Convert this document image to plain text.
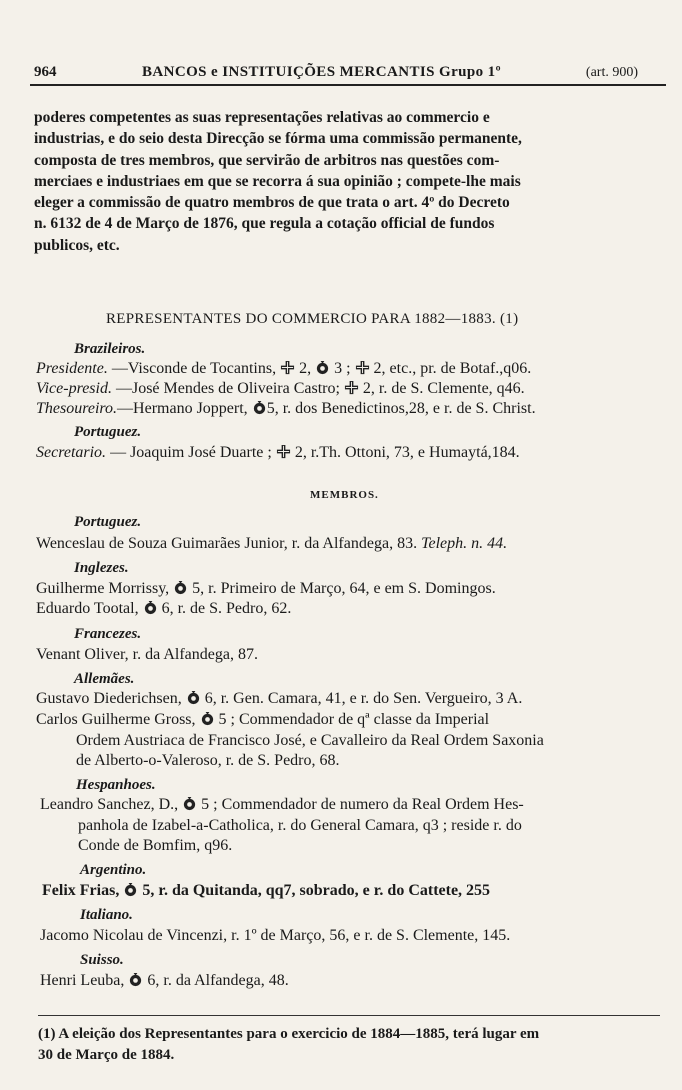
964	BANCOS e INSTITUIÇÕES MERCANTIS Grupo 1º	(art. 900)

poderes competentes as suas representações relativas ao commercio e
industrias, e do seio desta Direcção se fórma uma commissão permanente,
composta de tres membros, que servirão de arbitros nas questões com-
merciaes e industriaes em que se recorra á sua opinião ; compete-lhe mais
eleger a commissão de quatro membros de que trata o art. 4º do Decreto
n. 6132 de 4 de Março de 1876, que regula a cotação official de fundos
publicos, etc.

REPRESENTANTES DO COMMERCIO PARA 1882—1883. (1)
Brazileiros.
Presidente. —Visconde de Tocantins,
2,
3 ;
2, etc., pr. de Botaf.,q06.
Vice-presid. —José Mendes de Oliveira Castro;
2, r. de S. Clemente, q46.
Thesoureiro.—Hermano Joppert, 5, r. dos Benedictinos,28, e r. de S. Christ.
Portuguez.
Secretario. — Joaquim José Duarte ;
2, r.Th. Ottoni, 73, e Humaytá,184.
MEMBROS.
Portuguez.
Wenceslau de Souza Guimarães Junior, r. da Alfandega, 83. Teleph. n. 44.
Inglezes.
Guilherme Morrissy,
5, r. Primeiro de Março, 64, e em S. Domingos.
Eduardo Tootal,
6, r. de S. Pedro, 62.
Francezes.
Venant Oliver, r. da Alfandega, 87.
Allemães.
Gustavo Diederichsen,
6, r. Gen. Camara, 41, e r. do Sen. Vergueiro, 3 A.
Carlos Guilherme Gross,
5 ; Commendador de qª classe da Imperial
Ordem Austriaca de Francisco José, e Cavalleiro da Real Ordem Saxonia
de Alberto-o-Valeroso, r. de S. Pedro, 68.
Hespanhoes.
Leandro Sanchez, D.,
5 ; Commendador de numero da Real Ordem Hes-
panhola de Izabel-a-Catholica, r. do General Camara, q3 ; reside r. do
Conde de Bomfim, q96.
Argentino.
Felix Frias,
5, r. da Quitanda, qq7, sobrado, e r. do Cattete, 255
Italiano.
Jacomo Nicolau de Vincenzi, r. 1º de Março, 56, e r. de S. Clemente, 145.
Suisso.
Henri Leuba,
6, r. da Alfandega, 48.
(1) A eleição dos Representantes para o exercicio de 1884—1885, terá lugar em
30 de Março de 1884.
